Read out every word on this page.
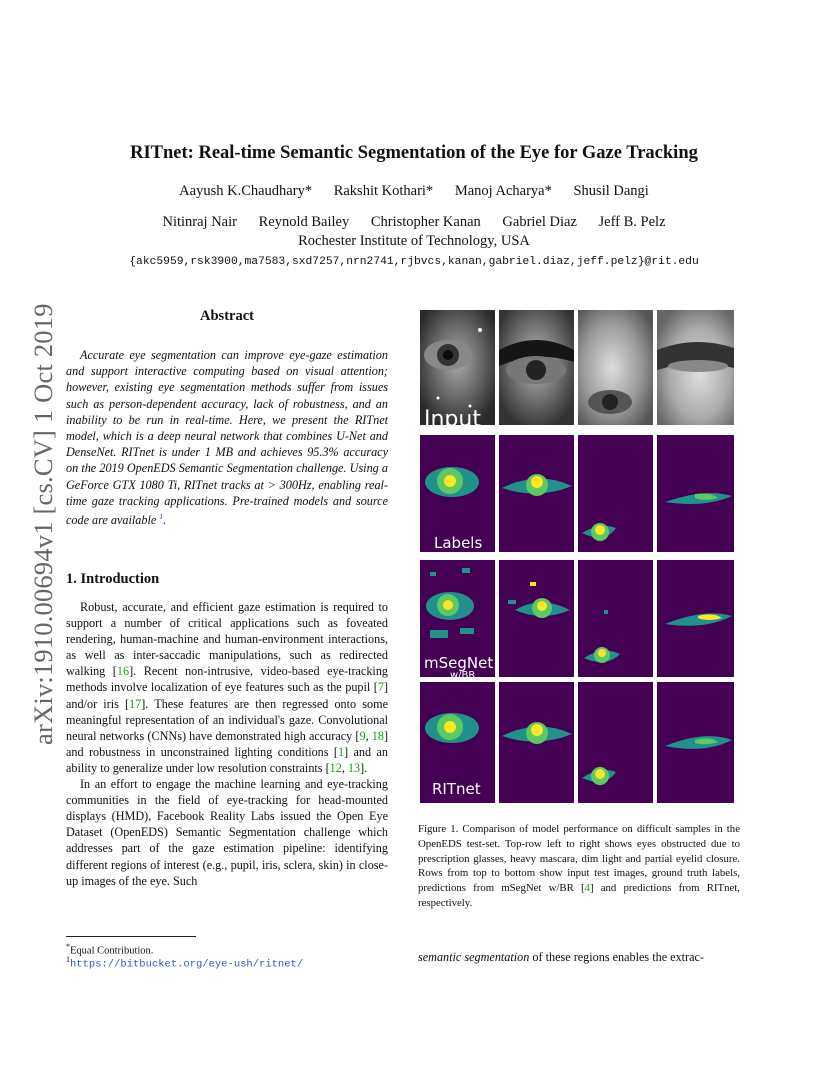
RITnet: Real-time Semantic Segmentation of the Eye for Gaze Tracking
Aayush K.Chaudhary* Rakshit Kothari* Manoj Acharya* Shusil Dangi
Nitinraj Nair Reynold Bailey Christopher Kanan Gabriel Diaz Jeff B. Pelz
Rochester Institute of Technology, USA
{akc5959,rsk3900,ma7583,sxd7257,nrn2741,rjbvcs,kanan,gabriel.diaz,jeff.pelz}@rit.edu
arXiv:1910.00694v1 [cs.CV] 1 Oct 2019	Abstract

Accurate eye segmentation can improve eye-gaze estimation and support interactive computing based on visual attention; however, existing eye segmentation methods suffer from issues such as person-dependent accuracy, lack of robustness, and an inability to be run in real-time. Here, we present the RITnet model, which is a deep neural network that combines U-Net and DenseNet. RITnet is under 1 MB and achieves 95.3% accuracy on the 2019 OpenEDS Semantic Segmentation challenge. Using a GeForce GTX 1080 Ti, RITnet tracks at > 300Hz, enabling real-time gaze tracking applications. Pre-trained models and source code are available $^1$.

1. Introduction

Robust, accurate, and efficient gaze estimation is required to support a number of critical applications such as foveated rendering, human-machine and human-environment interactions, as well as inter-saccadic manipulations, such as redirected walking [16]. Recent non-intrusive, video-based eye-tracking methods involve localization of eye features such as the pupil [7] and/or iris [17]. These features are then regressed onto some meaningful representation of an individual's gaze. Convolutional neural networks (CNNs) have demonstrated high accuracy [9, 18] and robustness in unconstrained lighting conditions [1] and an ability to generalize under low resolution constraints [12, 13].

In an effort to engage the machine learning and eye-tracking communities in the field of eye-tracking for head-mounted displays (HMD), Facebook Reality Labs issued the Open Eye Dataset (OpenEDS) Semantic Segmentation challenge which addresses part of the gaze estimation pipeline: identifying different regions of interest (e.g., pupil, iris, sclera, skin) in close-up images of the eye. Such

*Equal Contribution.
$^1$https://bitbucket.org/eye-ush/ritnet/
Input
Labels
mSegNet
w/BR
RITnet
Figure 1. Comparison of model performance on difficult samples in the OpenEDS test-set. Top-row left to right shows eyes obstructed due to prescription glasses, heavy mascara, dim light and partial eyelid closure. Rows from top to bottom show input test images, ground truth labels, predictions from mSegNet w/BR [4] and predictions from RITnet, respectively.
semantic segmentation of these regions enables the extrac-
